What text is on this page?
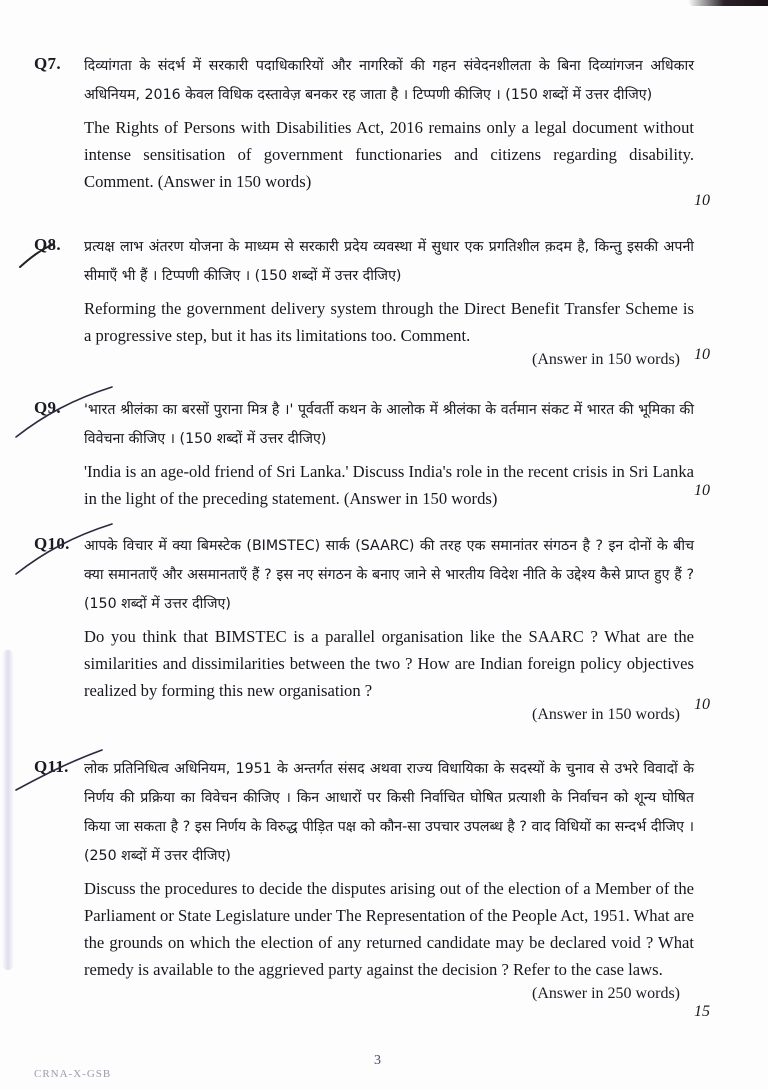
Q7. दिव्यांगता के संदर्भ में सरकारी पदाधिकारियों और नागरिकों की गहन संवेदनशीलता के बिना दिव्यांगजन अधिकार अधिनियम, 2016 केवल विधिक दस्तावेज़ बनकर रह जाता है । टिप्पणी कीजिए । (150 शब्दों में उत्तर दीजिए)
The Rights of Persons with Disabilities Act, 2016 remains only a legal document without intense sensitisation of government functionaries and citizens regarding disability. Comment. (Answer in 150 words)
10
Q8. प्रत्यक्ष लाभ अंतरण योजना के माध्यम से सरकारी प्रदेय व्यवस्था में सुधार एक प्रगतिशील क़दम है, किन्तु इसकी अपनी सीमाएँ भी हैं । टिप्पणी कीजिए । (150 शब्दों में उत्तर दीजिए)
Reforming the government delivery system through the Direct Benefit Transfer Scheme is a progressive step, but it has its limitations too. Comment.
(Answer in 150 words) 10
Q9. 'भारत श्रीलंका का बरसों पुराना मित्र है ।' पूर्ववर्ती कथन के आलोक में श्रीलंका के वर्तमान संकट में भारत की भूमिका की विवेचना कीजिए । (150 शब्दों में उत्तर दीजिए)
'India is an age-old friend of Sri Lanka.' Discuss India's role in the recent crisis in Sri Lanka in the light of the preceding statement. (Answer in 150 words)	10
Q10. आपके विचार में क्या बिमस्टेक (BIMSTEC) सार्क (SAARC) की तरह एक समानांतर संगठन है ? इन दोनों के बीच क्या समानताएँ और असमानताएँ हैं ? इस नए संगठन के बनाए जाने से भारतीय विदेश नीति के उद्देश्य कैसे प्राप्त हुए हैं ? (150 शब्दों में उत्तर दीजिए)
Do you think that BIMSTEC is a parallel organisation like the SAARC ? What are the similarities and dissimilarities between the two ? How are Indian foreign policy objectives realized by forming this new organisation ?
(Answer in 150 words)
10
Q11. लोक प्रतिनिधित्व अधिनियम, 1951 के अन्तर्गत संसद अथवा राज्य विधायिका के सदस्यों के चुनाव से उभरे विवादों के निर्णय की प्रक्रिया का विवेचन कीजिए । किन आधारों पर किसी निर्वाचित घोषित प्रत्याशी के निर्वाचन को शून्य घोषित किया जा सकता है ? इस निर्णय के विरुद्ध पीड़ित पक्ष को कौन-सा उपचार उपलब्ध है ? वाद विधियों का सन्दर्भ दीजिए । (250 शब्दों में उत्तर दीजिए)
Discuss the procedures to decide the disputes arising out of the election of a Member of the Parliament or State Legislature under The Representation of the People Act, 1951. What are the grounds on which the election of any returned candidate may be declared void ? What remedy is available to the aggrieved party against the decision ? Refer to the case laws.
(Answer in 250 words)
15
3
CRNA-X-GSB
